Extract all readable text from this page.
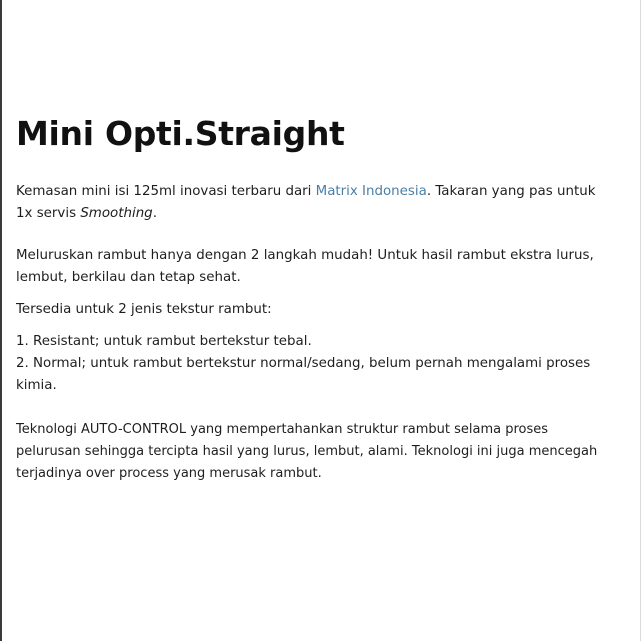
Mini Opti.Straight

Kemasan mini isi 125ml inovasi terbaru dari Matrix Indonesia. Takaran yang pas untuk 1x servis Smoothing.

Meluruskan rambut hanya dengan 2 langkah mudah! Untuk hasil rambut ekstra lurus, lembut, berkilau dan tetap sehat.

Tersedia untuk 2 jenis tekstur rambut:

1. Resistant; untuk rambut bertekstur tebal.

2. Normal; untuk rambut bertekstur normal/sedang, belum pernah mengalami proses kimia.

Teknologi AUTO-CONTROL yang mempertahankan struktur rambut selama proses pelurusan sehingga tercipta hasil yang lurus, lembut, alami. Teknologi ini juga mencegah terjadinya over process yang merusak rambut.
